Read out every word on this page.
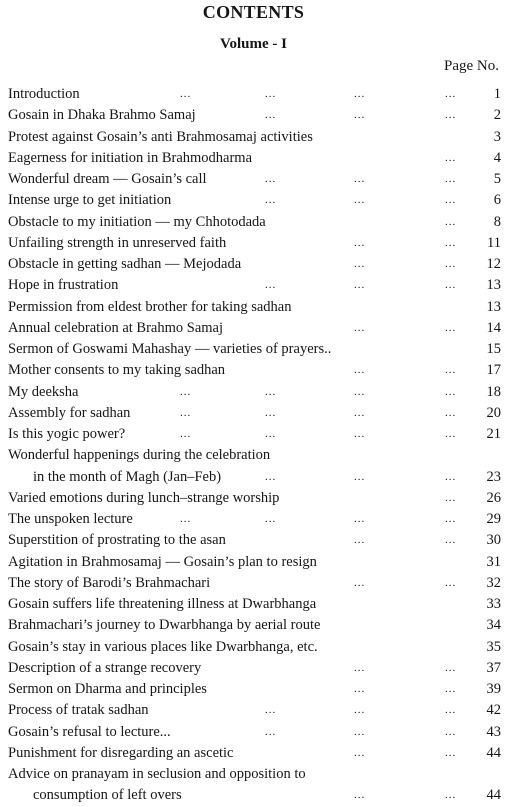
CONTENTS
Volume - I
Page No.
Introduction	...	...	...	...	1
Gosain in Dhaka Brahmo Samaj	...	...	...	2
Protest against Gosain’s anti Brahmosamaj activities	3
Eagerness for initiation in Brahmodharma	...	4
Wonderful dream — Gosain’s call	...	...	...	5
Intense urge to get initiation	...	...	...	6
Obstacle to my initiation — my Chhotodada	...	8
Unfailing strength in unreserved faith	...	... 11
Obstacle in getting sadhan — Mejodada	...	... 12
Hope in frustration	...	...	... 13
Permission from eldest brother for taking sadhan	13
Annual celebration at Brahmo Samaj	...	... 14
Sermon of Goswami Mahashay — varieties of prayers..	15
Mother consents to my taking sadhan	...	... 17
My deeksha	...	...	...	... 18
Assembly for sadhan	...	...	...	... 20
Is this yogic power?	...	...	...	... 21
Wonderful happenings during the celebration
in the month of Magh (Jan–Feb)	...	...	... 23
Varied emotions during lunch–strange worship	... 26
The unspoken lecture	...	...	...	... 29
Superstition of prostrating to the asan	...	... 30
Agitation in Brahmosamaj — Gosain’s plan to resign	31
The story of Barodi’s Brahmachari	...	... 32
Gosain suffers life threatening illness at Dwarbhanga	33
Brahmachari’s journey to Dwarbhanga by aerial route	34
Gosain’s stay in various places like Dwarbhanga, etc.	35
Description of a strange recovery	...	... 37
Sermon on Dharma and principles	...	... 39
Process of tratak sadhan	...	...	... 42
Gosain’s refusal to lecture...	...	...	... 43
Punishment for disregarding an ascetic	...	... 44
Advice on pranayam in seclusion and opposition to
consumption of left overs	...	... 44
